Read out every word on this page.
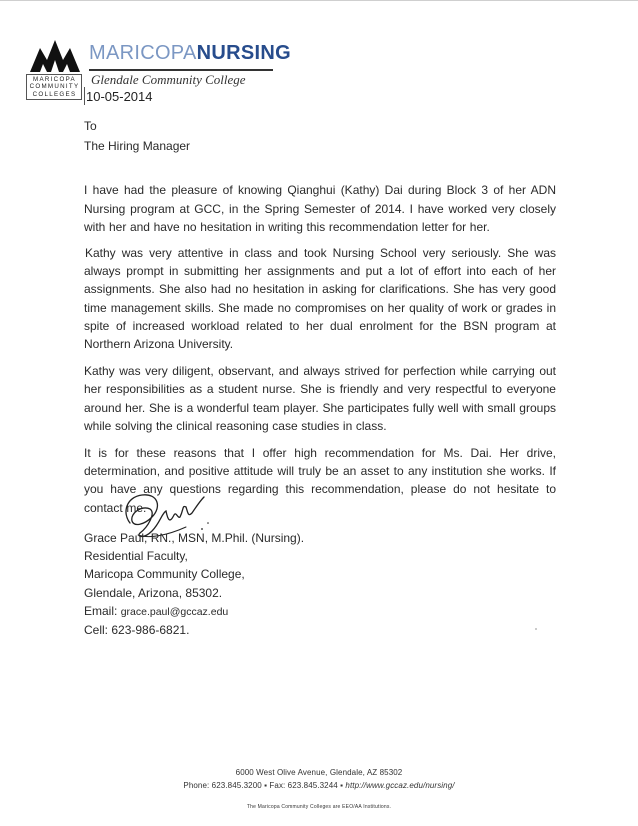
MARICOPA
COMMUNITY
COLLEGES
MARICOPANURSING
Glendale Community College
10-05-2014

To

The Hiring Manager

I have had the pleasure of knowing Qianghui (Kathy) Dai during Block 3 of her ADN Nursing program at GCC, in the Spring Semester of 2014. I have worked very closely with her and have no hesitation in writing this recommendation letter for her.

Kathy was very attentive in class and took Nursing School very seriously. She was always prompt in submitting her assignments and put a lot of effort into each of her assignments. She also had no hesitation in asking for clarifications. She has very good time management skills. She made no compromises on her quality of work or grades in spite of increased workload related to her dual enrolment for the BSN program at Northern Arizona University.

Kathy was very diligent, observant, and always strived for perfection while carrying out her responsibilities as a student nurse. She is friendly and very respectful to everyone around her. She is a wonderful team player. She participates fully well with small groups while solving the clinical reasoning case studies in class.

It is for these reasons that I offer high recommendation for Ms. Dai. Her drive, determination, and positive attitude will truly be an asset to any institution she works. If you have any questions regarding this recommendation, please do not hesitate to contact me.

Grace Paul, RN., MSN, M.Phil. (Nursing).
Residential Faculty,
Maricopa Community College,
Glendale, Arizona, 85302.
Email: grace.paul@gccaz.edu
Cell: 623-986-6821.
6000 West Olive Avenue, Glendale, AZ 85302
Phone: 623.845.3200 ▪ Fax: 623.845.3244 ▪ http://www.gccaz.edu/nursing/
The Maricopa Community Colleges are EEO/AA Institutions.
